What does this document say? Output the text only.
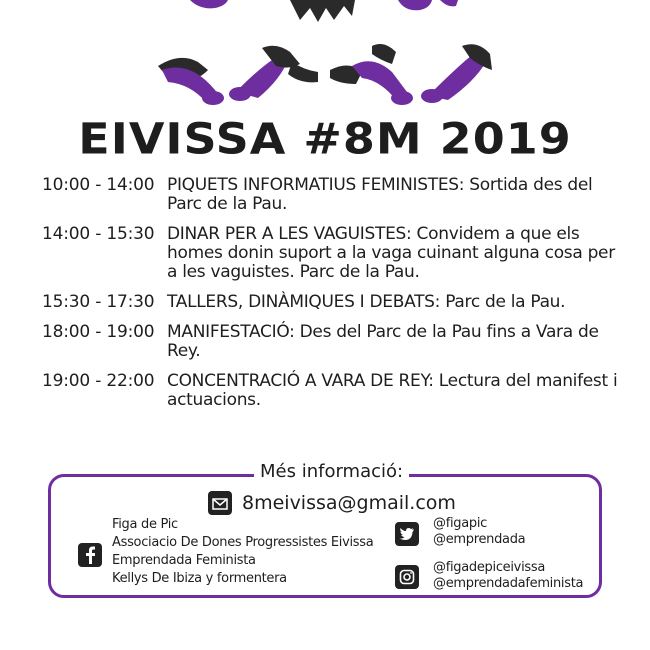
EIVISSA #8M 2019
10:00 - 14:00 PIQUETS INFORMATIUS FEMINISTES: Sortida des del Parc de la Pau.
14:00 - 15:30 DINAR PER A LES VAGUISTES: Convidem a que els homes donin suport a la vaga cuinant alguna cosa per a les vaguistes. Parc de la Pau.
15:30 - 17:30 TALLERS, DINÀMIQUES I DEBATS: Parc de la Pau.
18:00 - 19:00 MANIFESTACIÓ: Des del Parc de la Pau fins a Vara de Rey.
19:00 - 22:00 CONCENTRACIÓ A VARA DE REY: Lectura del manifest i actuacions.
Més informació:
8meivissa@gmail.com
Figa de Pic
Associacio De Dones Progressistes Eivissa
Emprendada Feminista
Kellys De Ibiza y formentera
@figapic
@emprendada
@figadepiceivissa
@emprendadafeminista
